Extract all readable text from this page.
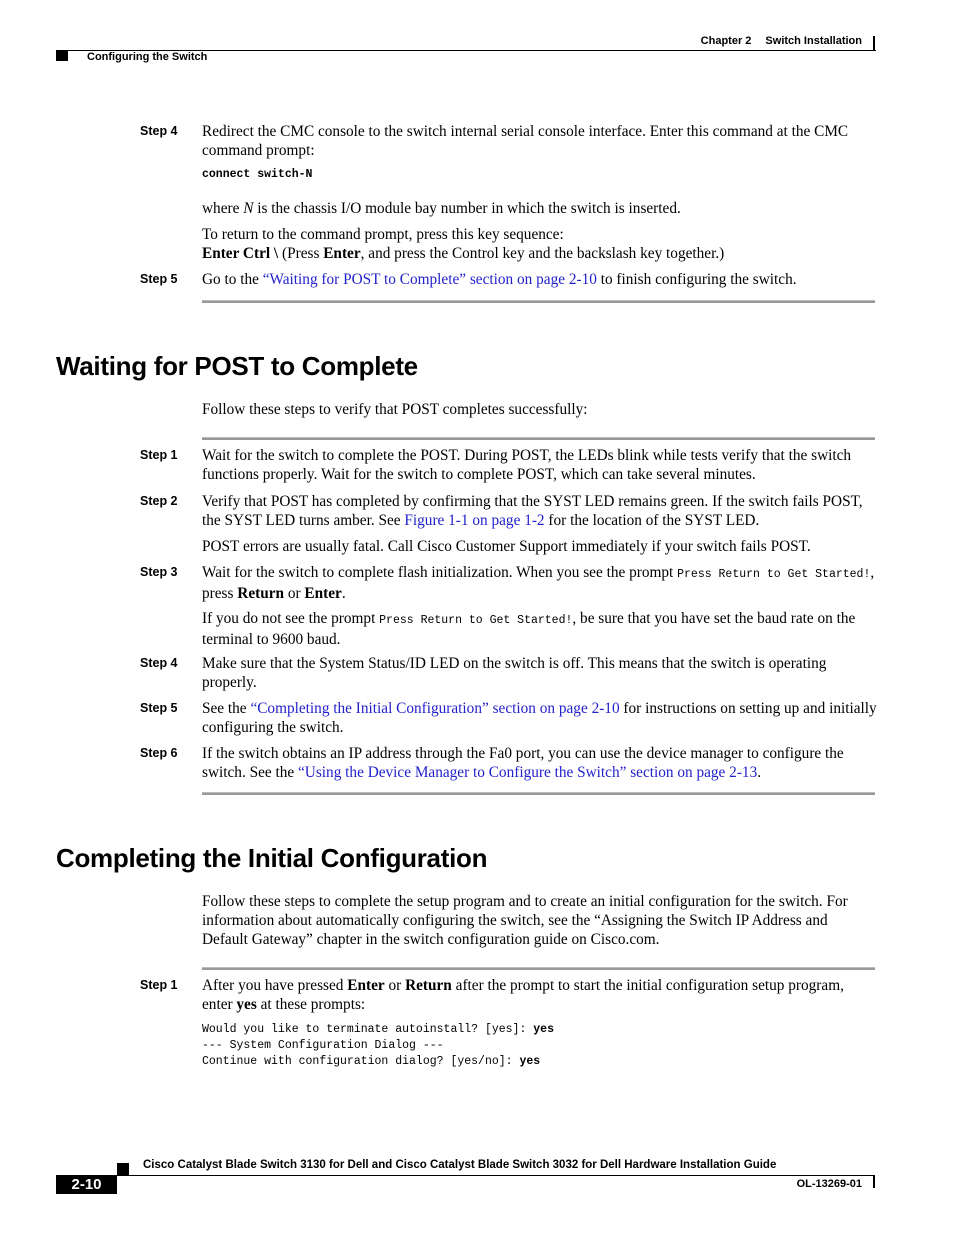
Chapter 2 Switch Installation
Configuring the Switch
Step 4	Redirect the CMC console to the switch internal serial console interface. Enter this command at the CMC command prompt:
connect switch-N
where N is the chassis I/O module bay number in which the switch is inserted.
To return to the command prompt, press this key sequence:
Enter Ctrl \ (Press Enter, and press the Control key and the backslash key together.)
Step 5	Go to the “Waiting for POST to Complete” section on page 2-10 to finish configuring the switch.
Waiting for POST to Complete
Follow these steps to verify that POST completes successfully:
Step 1	Wait for the switch to complete the POST. During POST, the LEDs blink while tests verify that the switch functions properly. Wait for the switch to complete POST, which can take several minutes.
Step 2	Verify that POST has completed by confirming that the SYST LED remains green. If the switch fails POST, the SYST LED turns amber. See Figure 1-1 on page 1-2 for the location of the SYST LED.
POST errors are usually fatal. Call Cisco Customer Support immediately if your switch fails POST.
Step 3	Wait for the switch to complete flash initialization. When you see the prompt Press Return to Get Started!, press Return or Enter.
If you do not see the prompt Press Return to Get Started!, be sure that you have set the baud rate on the terminal to 9600 baud.
Step 4	Make sure that the System Status/ID LED on the switch is off. This means that the switch is operating properly.
Step 5	See the “Completing the Initial Configuration” section on page 2-10 for instructions on setting up and initially configuring the switch.
Step 6	If the switch obtains an IP address through the Fa0 port, you can use the device manager to configure the switch. See the “Using the Device Manager to Configure the Switch” section on page 2-13.
Completing the Initial Configuration
Follow these steps to complete the setup program and to create an initial configuration for the switch. For information about automatically configuring the switch, see the “Assigning the Switch IP Address and Default Gateway” chapter in the switch configuration guide on Cisco.com.
Step 1	After you have pressed Enter or Return after the prompt to start the initial configuration setup program, enter yes at these prompts:
Would you like to terminate autoinstall? [yes]: yes
--- System Configuration Dialog ---
Continue with configuration dialog? [yes/no]: yes
Cisco Catalyst Blade Switch 3130 for Dell and Cisco Catalyst Blade Switch 3032 for Dell Hardware Installation Guide
2-10	OL-13269-01
